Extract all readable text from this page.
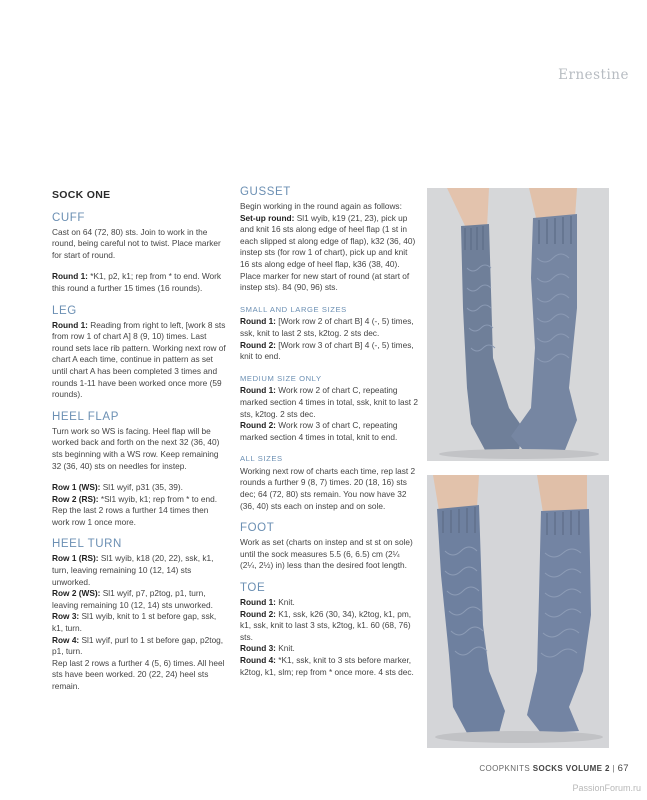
Ernestine
SOCK ONE
CUFF

Cast on 64 (72, 80) sts. Join to work in the round, being careful not to twist. Place marker for start of round.

Round 1: *K1, p2, k1; rep from * to end. Work this round a further 15 times (16 rounds).

LEG

Round 1: Reading from right to left, [work 8 sts from row 1 of chart A] 8 (9, 10) times. Last round sets lace rib pattern. Working next row of chart A each time, continue in pattern as set until chart A has been completed 3 times and rounds 1-11 have been worked once more (59 rounds).

HEEL FLAP

Turn work so WS is facing. Heel flap will be worked back and forth on the next 32 (36, 40) sts beginning with a WS row. Keep remaining 32 (36, 40) sts on needles for instep.

Row 1 (WS): Sl1 wyif, p31 (35, 39).

Row 2 (RS): *Sl1 wyib, k1; rep from * to end. Rep the last 2 rows a further 14 times then work row 1 once more.

HEEL TURN

Row 1 (RS): Sl1 wyib, k18 (20, 22), ssk, k1, turn, leaving remaining 10 (12, 14) sts unworked.

Row 2 (WS): Sl1 wyif, p7, p2tog, p1, turn, leaving remaining 10 (12, 14) sts unworked.

Row 3: Sl1 wyib, knit to 1 st before gap, ssk, k1, turn.

Row 4: Sl1 wyif, purl to 1 st before gap, p2tog, p1, turn.

Rep last 2 rows a further 4 (5, 6) times. All heel sts have been worked. 20 (22, 24) heel sts remain.

GUSSET

Begin working in the round again as follows:

Set-up round: Sl1 wyib, k19 (21, 23), pick up and knit 16 sts along edge of heel flap (1 st in each slipped st along edge of flap), k32 (36, 40) instep sts (for row 1 of chart), pick up and knit 16 sts along edge of heel flap, k36 (38, 40). Place marker for new start of round (at start of instep sts). 84 (90, 96) sts.

SMALL AND LARGE SIZES

Round 1: [Work row 2 of chart B] 4 (-, 5) times, ssk, knit to last 2 sts, k2tog. 2 sts dec.

Round 2: [Work row 3 of chart B] 4 (-, 5) times, knit to end.

MEDIUM SIZE ONLY

Round 1: Work row 2 of chart C, repeating marked section 4 times in total, ssk, knit to last 2 sts, k2tog. 2 sts dec.

Round 2: Work row 3 of chart C, repeating marked section 4 times in total, knit to end.

ALL SIZES

Working next row of charts each time, rep last 2 rounds a further 9 (8, 7) times. 20 (18, 16) sts dec; 64 (72, 80) sts remain. You now have 32 (36, 40) sts each on instep and on sole.

FOOT

Work as set (charts on instep and st st on sole) until the sock measures 5.5 (6, 6.5) cm (2¼ (2¼, 2½) in) less than the desired foot length.

TOE

Round 1: Knit.

Round 2: K1, ssk, k26 (30, 34), k2tog, k1, pm, k1, ssk, knit to last 3 sts, k2tog, k1. 60 (68, 76) sts.

Round 3: Knit.

Round 4: *K1, ssk, knit to 3 sts before marker, k2tog, k1, slm; rep from * once more. 4 sts dec.

COOPKNITS SOCKS VOLUME 2 | 67
PassionForum.ru
